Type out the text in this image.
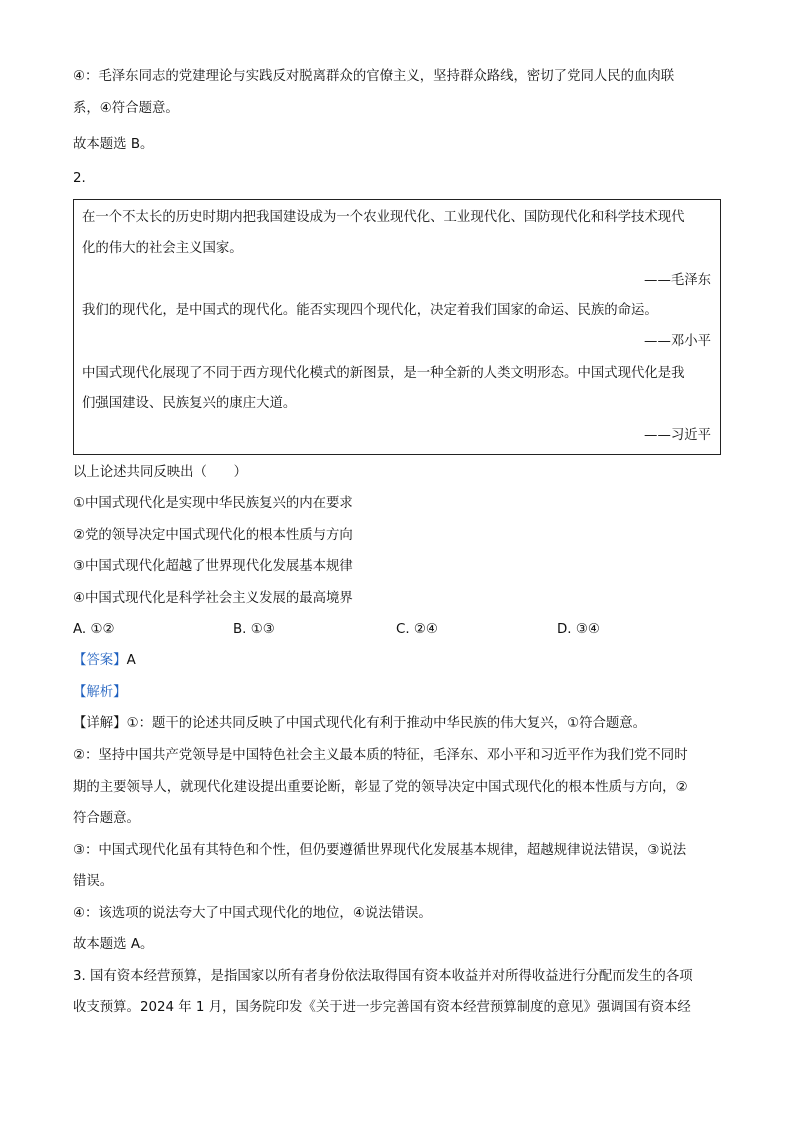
④：毛泽东同志的党建理论与实践反对脱离群众的官僚主义，坚持群众路线，密切了党同人民的血肉联
系，④符合题意。
故本题选 B。
2.
在一个不太长的历史时期内把我国建设成为一个农业现代化、工业现代化、国防现代化和科学技术现代
化的伟大的社会主义国家。
——毛泽东
我们的现代化，是中国式的现代化。能否实现四个现代化，决定着我们国家的命运、民族的命运。
——邓小平
中国式现代化展现了不同于西方现代化模式的新图景，是一种全新的人类文明形态。中国式现代化是我
们强国建设、民族复兴的康庄大道。
——习近平
以上论述共同反映出（　　）
①中国式现代化是实现中华民族复兴的内在要求
②党的领导决定中国式现代化的根本性质与方向
③中国式现代化超越了世界现代化发展基本规律
④中国式现代化是科学社会主义发展的最高境界
A. ①②	B. ①③	C. ②④	D. ③④
【答案】A
【解析】
【详解】①：题干的论述共同反映了中国式现代化有利于推动中华民族的伟大复兴，①符合题意。
②：坚持中国共产党领导是中国特色社会主义最本质的特征，毛泽东、邓小平和习近平作为我们党不同时
期的主要领导人，就现代化建设提出重要论断，彰显了党的领导决定中国式现代化的根本性质与方向，②
符合题意。
③：中国式现代化虽有其特色和个性，但仍要遵循世界现代化发展基本规律，超越规律说法错误，③说法
错误。
④：该选项的说法夸大了中国式现代化的地位，④说法错误。
故本题选 A。
3. 国有资本经营预算，是指国家以所有者身份依法取得国有资本收益并对所得收益进行分配而发生的各项
收支预算。2024 年 1 月，国务院印发《关于进一步完善国有资本经营预算制度的意见》强调国有资本经
